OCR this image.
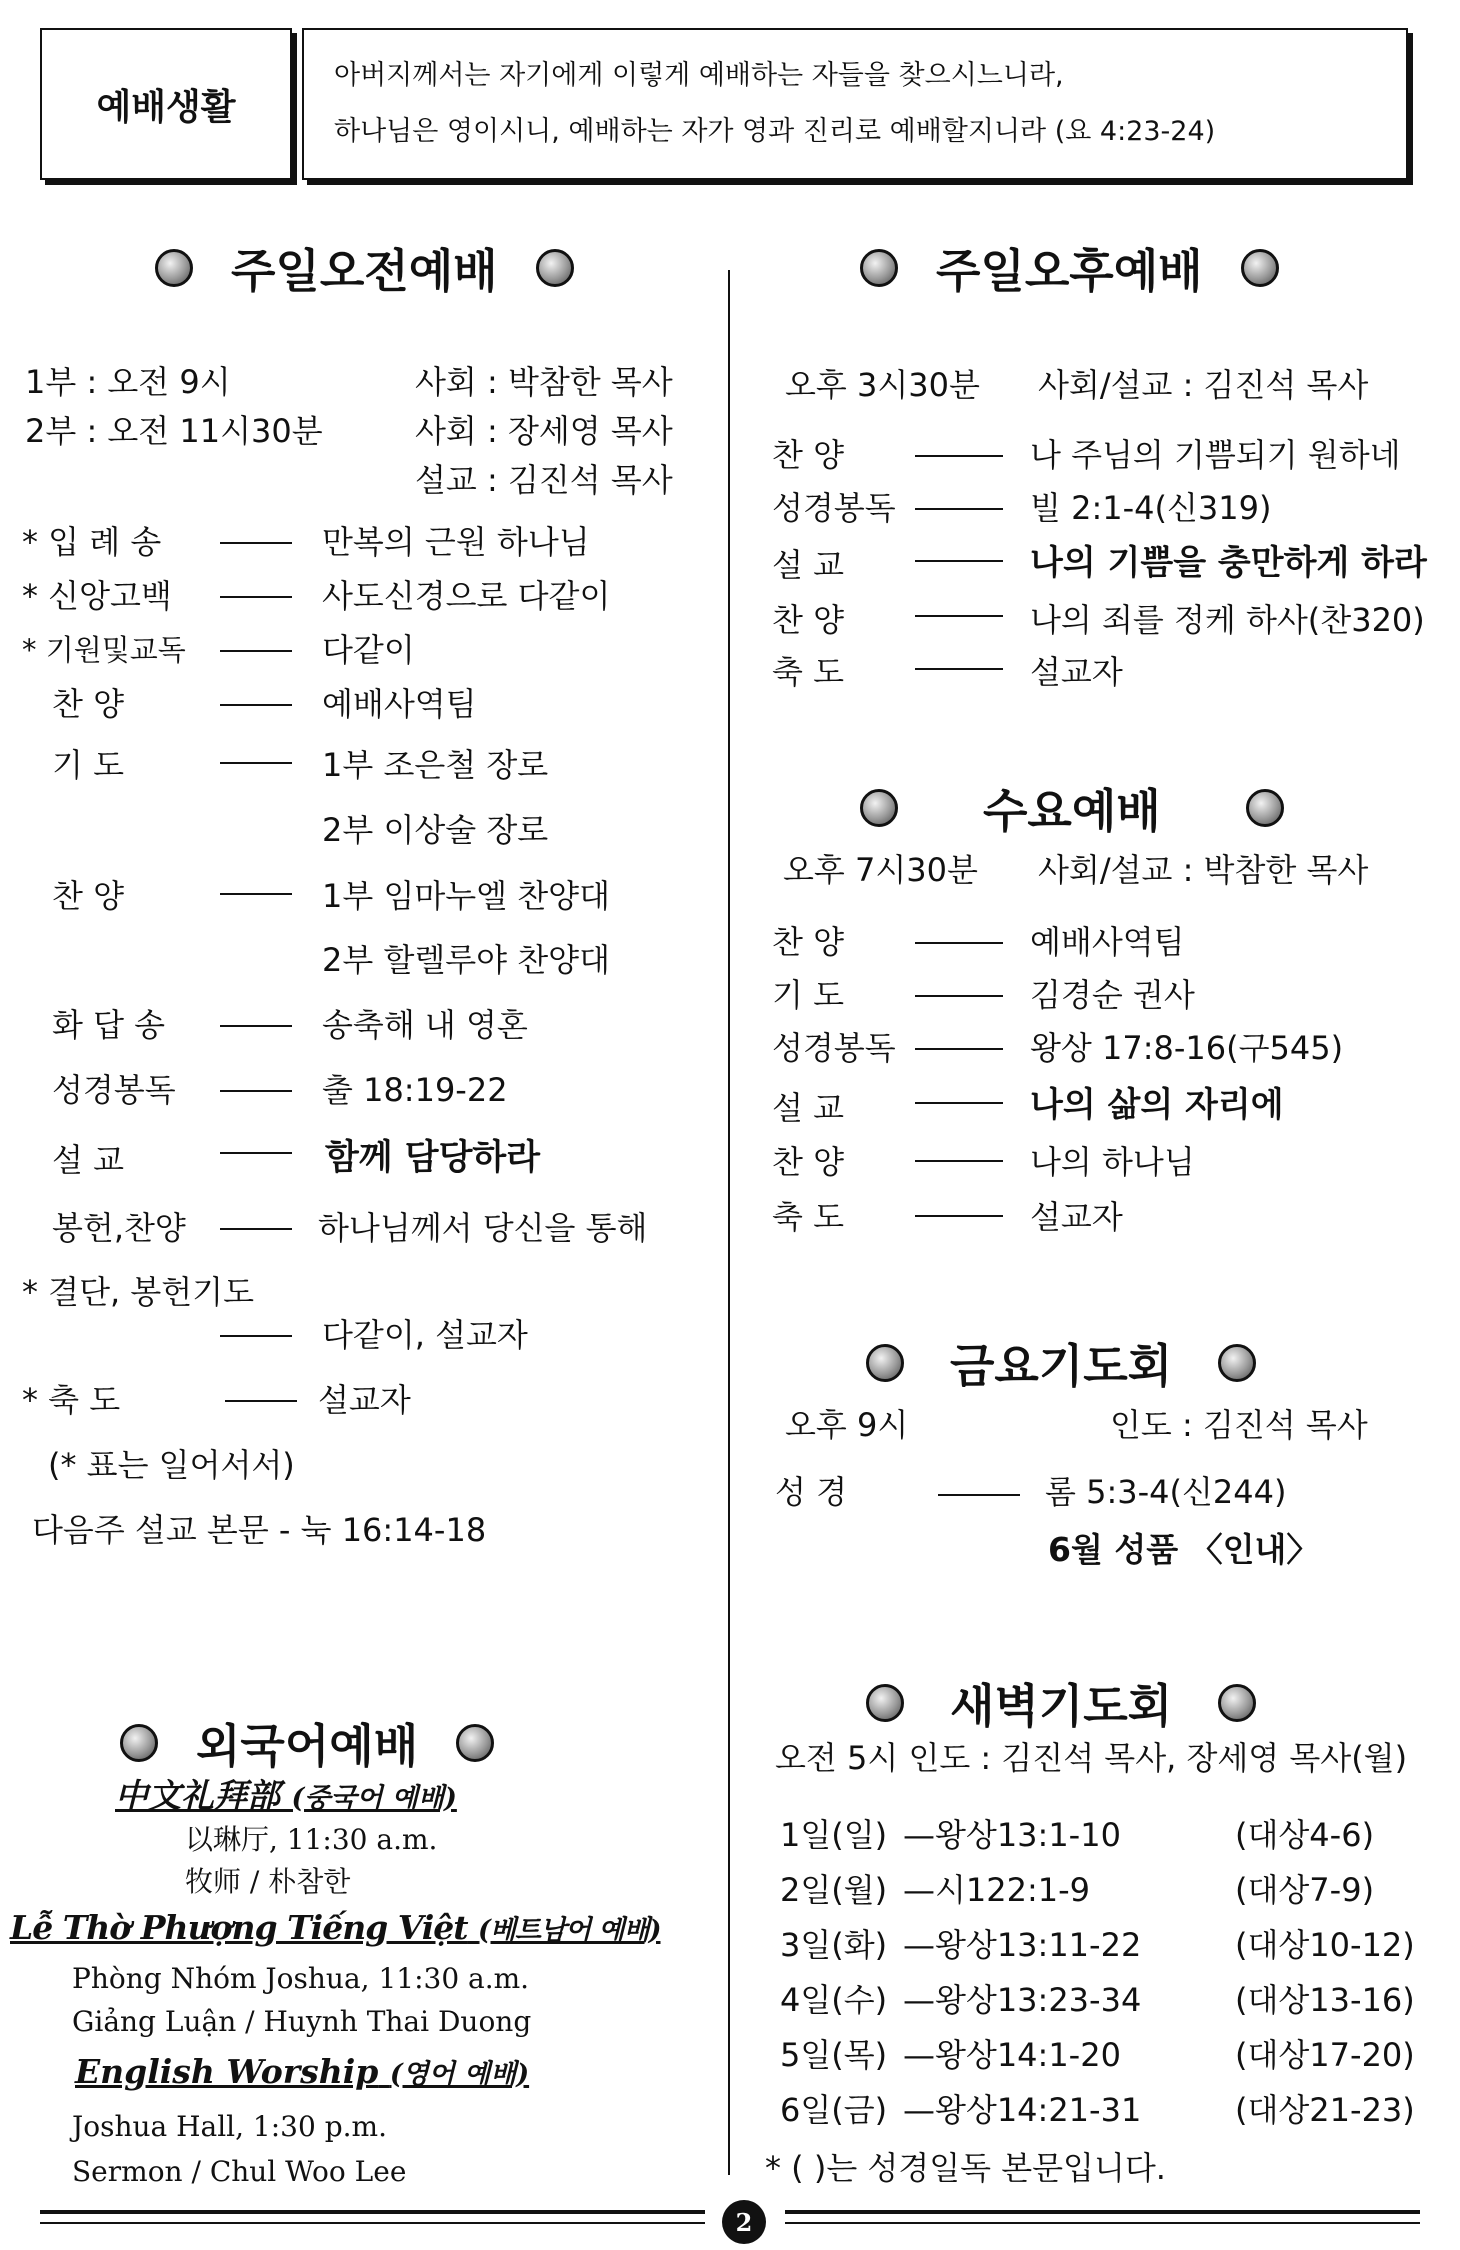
예배생활
아버지께서는 자기에게 이렇게 예배하는 자들을 찾으시느니라,
하나님은 영이시니, 예배하는 자가 영과 진리로 예배할지니라 (요 4:23-24)
주일오전예배
1부 : 오전 9시	사회 : 박참한 목사
2부 : 오전 11시30분	사회 : 장세영 목사
설교 : 김진석 목사
* 입 례 송	만복의 근원 하나님
* 신앙고백	사도신경으로 다같이
* 기원및교독	다같이
찬 양	예배사역팀
기 도	1부 조은철 장로
2부 이상술 장로
찬 양	1부 임마누엘 찬양대
2부 할렐루야 찬양대
화 답 송	송축해 내 영혼
성경봉독	출 18:19-22
설 교	함께 담당하라
봉헌,찬양	하나님께서 당신을 통해
* 결단, 봉헌기도
다같이, 설교자
* 축 도	설교자
(* 표는 일어서서)
다음주 설교 본문 - 눅 16:14-18
외국어예배
中文礼拜部 (중국어 예배)
以琳厅, 11:30 a.m.
牧师 / 朴참한
Lễ Thờ Phượng Tiếng Việt (베트남어 예배)
Phòng Nhóm Joshua, 11:30 a.m.
Giảng Luận / Huynh Thai Duong
English Worship (영어 예배)
Joshua Hall, 1:30 p.m.
Sermon / Chul Woo Lee
주일오후예배
오후 3시30분 사회/설교 : 김진석 목사
찬 양	나 주님의 기쁨되기 원하네
성경봉독	빌 2:1-4(신319)
설 교	나의 기쁨을 충만하게 하라
찬 양	나의 죄를 정케 하사(찬320)
축 도	설교자
수요예배
오후 7시30분 사회/설교 : 박참한 목사
찬 양	예배사역팀
기 도	김경순 권사
성경봉독	왕상 17:8-16(구545)
설 교	나의 삶의 자리에
찬 양	나의 하나님
축 도	설교자
금요기도회
오후 9시	인도 : 김진석 목사
성 경	롬 5:3-4(신244)
6월 성품 〈인내〉
새벽기도회
오전 5시 인도 : 김진석 목사, 장세영 목사(월)
1일(일) —왕상13:1-10	(대상4-6)
2일(월) —시122:1-9	(대상7-9)
3일(화) —왕상13:11-22	(대상10-12)
4일(수) —왕상13:23-34	(대상13-16)
5일(목) —왕상14:1-20	(대상17-20)
6일(금) —왕상14:21-31	(대상21-23)
* ( )는 성경일독 본문입니다.
2
